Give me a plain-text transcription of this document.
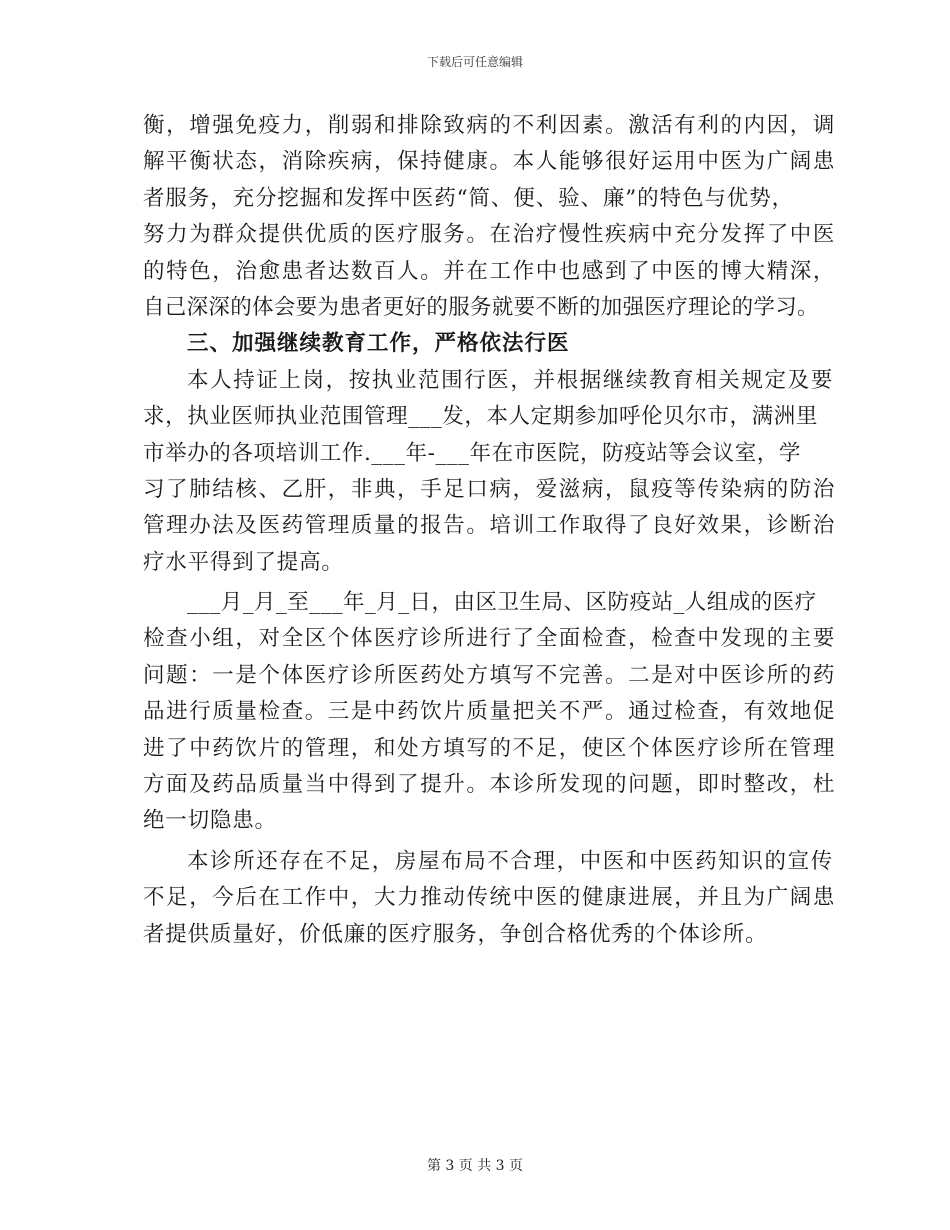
下载后可任意编辑
衡，增强免疫力，削弱和排除致病的不利因素。激活有利的内因，调
解平衡状态，消除疾病，保持健康。本人能够很好运用中医为广阔患
者服务，充分挖掘和发挥中医药“简、便、验、廉”的特色与优势，
努力为群众提供优质的医疗服务。在治疗慢性疾病中充分发挥了中医
的特色，治愈患者达数百人。并在工作中也感到了中医的博大精深，
自己深深的体会要为患者更好的服务就要不断的加强医疗理论的学习。
三、加强继续教育工作，严格依法行医
本人持证上岗，按执业范围行医，并根据继续教育相关规定及要
求，执业医师执业范围管理___发，本人定期参加呼伦贝尔市，满洲里
市举办的各项培训工作.___年-___年在市医院，防疫站等会议室，学
习了肺结核、乙肝，非典，手足口病，爱滋病，鼠疫等传染病的防治
管理办法及医药管理质量的报告。培训工作取得了良好效果，诊断治
疗水平得到了提高。
___月_月_至___年_月_日，由区卫生局、区防疫站_人组成的医疗
检查小组，对全区个体医疗诊所进行了全面检查，检查中发现的主要
问题：一是个体医疗诊所医药处方填写不完善。二是对中医诊所的药
品进行质量检查。三是中药饮片质量把关不严。通过检查，有效地促
进了中药饮片的管理，和处方填写的不足，使区个体医疗诊所在管理
方面及药品质量当中得到了提升。本诊所发现的问题，即时整改，杜
绝一切隐患。
本诊所还存在不足，房屋布局不合理，中医和中医药知识的宣传
不足，今后在工作中，大力推动传统中医的健康进展，并且为广阔患
者提供质量好，价低廉的医疗服务，争创合格优秀的个体诊所。
第 3 页 共 3 页
